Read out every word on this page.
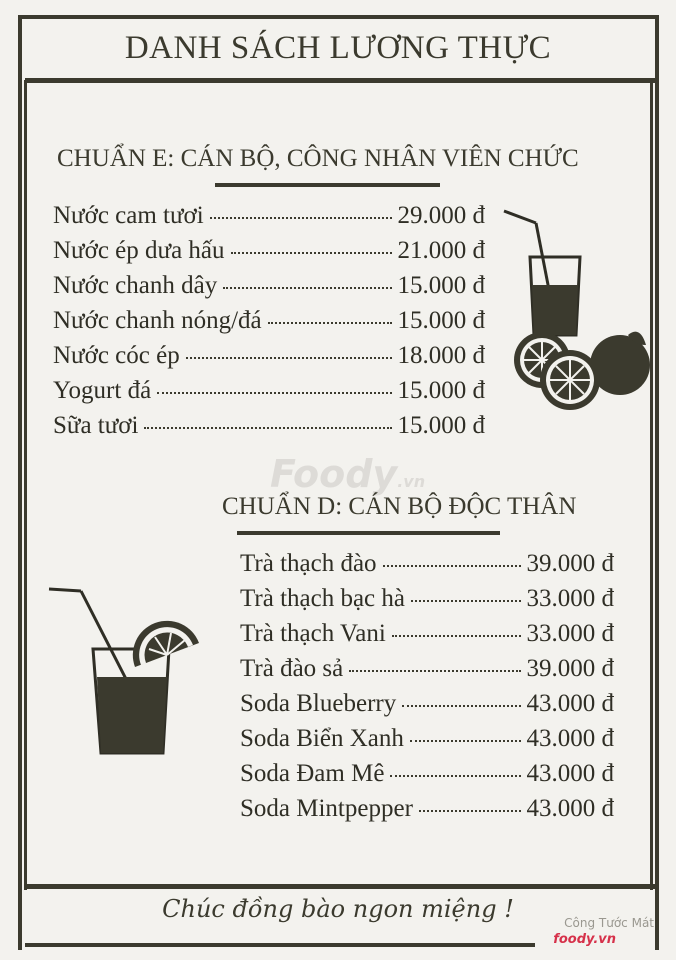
DANH SÁCH LƯƠNG THỰC
CHUẨN E: CÁN BỘ, CÔNG NHÂN VIÊN CHỨC
Nước cam tươi	29.000 đ
Nước ép dưa hấu	21.000 đ
Nước chanh dây	15.000 đ
Nước chanh nóng/đá	15.000 đ
Nước cóc ép	18.000 đ
Yogurt đá	15.000 đ
Sữa tươi	15.000 đ
Foody.vn
CHUẨN D: CÁN BỘ ĐỘC THÂN
Trà thạch đào	39.000 đ
Trà thạch bạc hà	33.000 đ
Trà thạch Vani	33.000 đ
Trà đào sả	39.000 đ
Soda Blueberry	43.000 đ
Soda Biển Xanh	43.000 đ
Soda Đam Mê	43.000 đ
Soda Mintpepper	43.000 đ
Chúc đồng bào ngon miệng !	Công Tước Mát
foody.vn
